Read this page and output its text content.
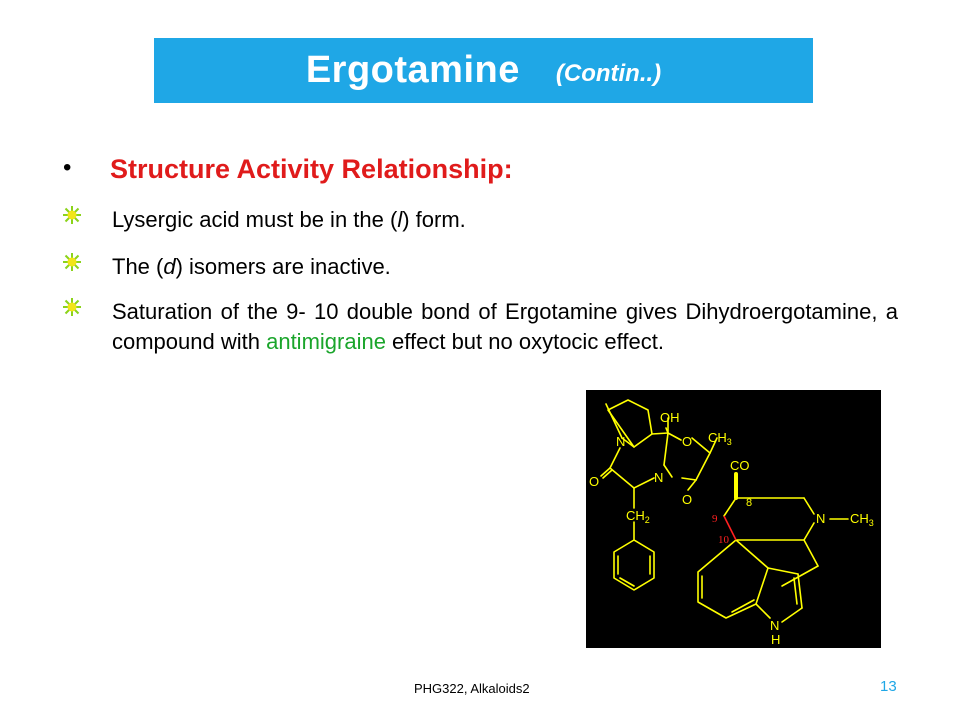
Ergotamine (Contin..)
• Structure Activity Relationship:
Lysergic acid must be in the (l) form.
The (d) isomers are inactive.
Saturation of the 9- 10 double bond of Ergotamine gives Dihydroergotamine, a compound with antimigraine effect but no oxytocic effect.
OH
N	O $CH_3$
CO
O	N
O
$CH_2$
8
N $CH_3$
N
H
9
10
PHG322, Alkaloids2	13
